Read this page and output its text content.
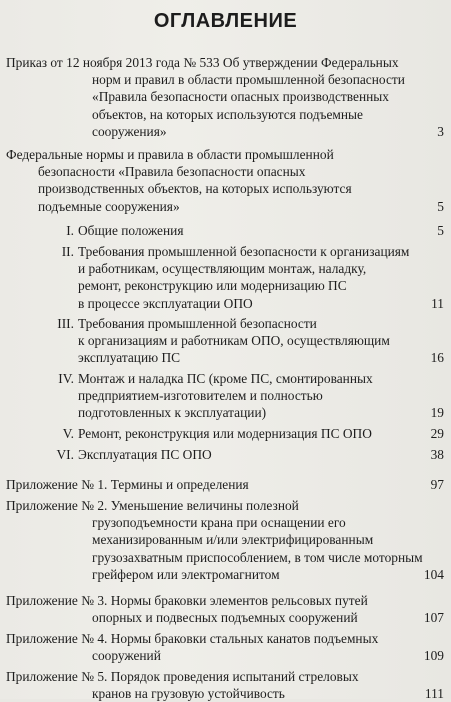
ОГЛАВЛЕНИЕ
Приказ от 12 ноября 2013 года № 533 Об утверждении Федеральных
норм и правил в области промышленной безопасности
«Правила безопасности опасных производственных
объектов, на которых используются подъемные
сооружения»	3
Федеральные нормы и правила в области промышленной
безопасности «Правила безопасности опасных
производственных объектов, на которых используются
подъемные сооружения»	5
I. Общие положения	5
II. Требования промышленной безопасности к организациям
и работникам, осуществляющим монтаж, наладку,
ремонт, реконструкцию или модернизацию ПС
в процессе эксплуатации ОПО	11
III. Требования промышленной безопасности
к организациям и работникам ОПО, осуществляющим
эксплуатацию ПС	16
IV. Монтаж и наладка ПС (кроме ПС, смонтированных
предприятием-изготовителем и полностью
подготовленных к эксплуатации)	19
V. Ремонт, реконструкция или модернизация ПС ОПО	29
VI. Эксплуатация ПС ОПО	38
Приложение № 1. Термины и определения	97
Приложение № 2. Уменьшение величины полезной
грузоподъемности крана при оснащении его
механизированным и/или электрифицированным
грузозахватным приспособлением, в том числе моторным
грейфером или электромагнитом	104
Приложение № 3. Нормы браковки элементов рельсовых путей
опорных и подвесных подъемных сооружений	107
Приложение № 4. Нормы браковки стальных канатов подъемных
сооружений	109
Приложение № 5. Порядок проведения испытаний стреловых
кранов на грузовую устойчивость	111
